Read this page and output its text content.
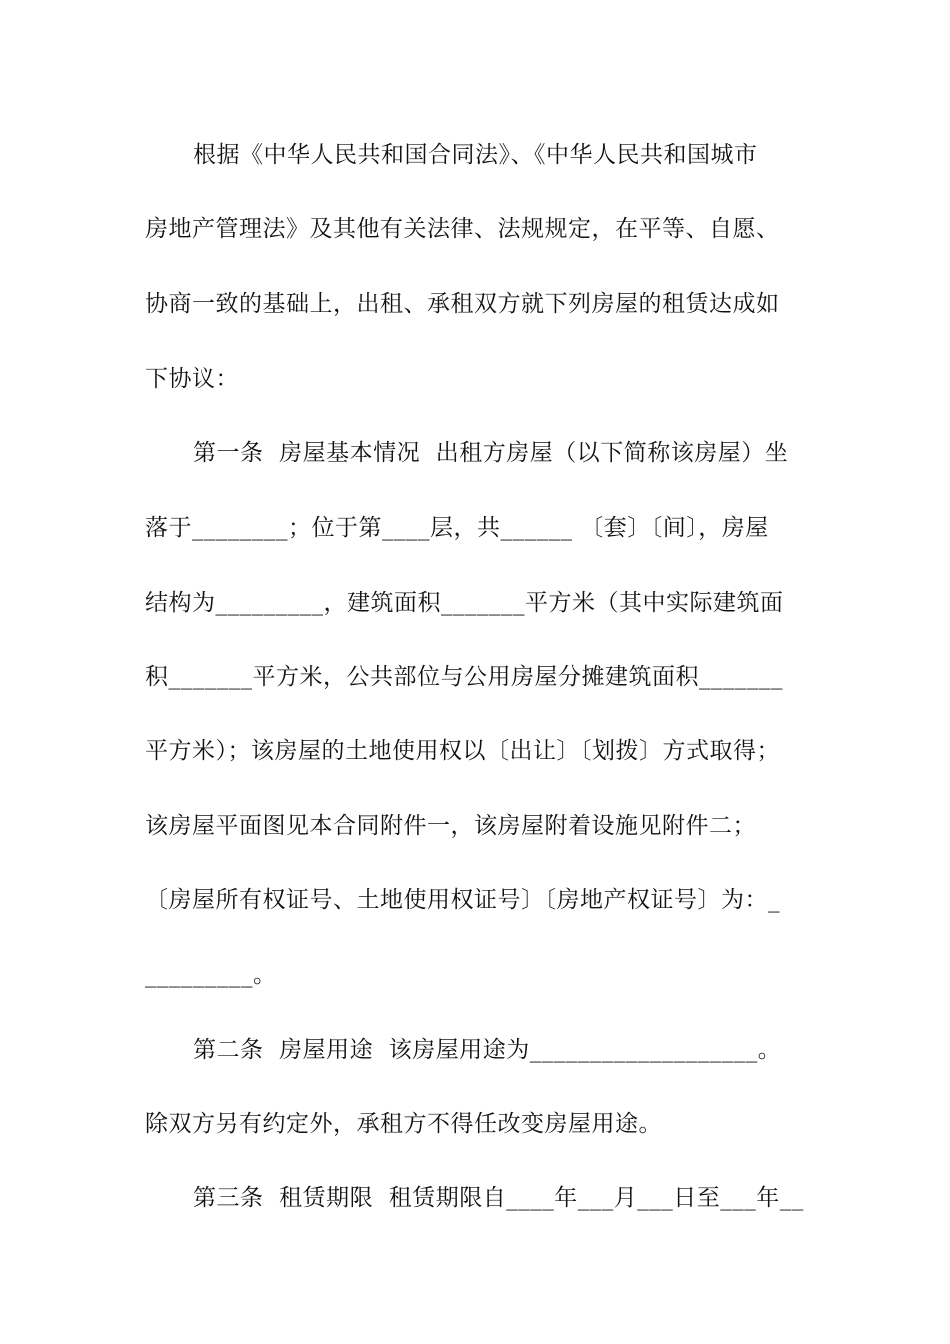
根据《中华人民共和国合同法》、《中华人民共和国城市

房地产管理法》及其他有关法律、法规规定，在平等、自愿、

协商一致的基础上，出租、承租双方就下列房屋的租赁达成如

下协议：

第一条  房屋基本情况  出租方房屋（以下简称该房屋）坐

落于________；位于第____层，共______ 〔套〕〔间〕，房屋

结构为_________，建筑面积_______平方米（其中实际建筑面

积_______平方米，公共部位与公用房屋分摊建筑面积_______

平方米）；该房屋的土地使用权以〔出让〕〔划拨〕方式取得；

该房屋平面图见本合同附件一，该房屋附着设施见附件二；

〔房屋所有权证号、土地使用权证号〕〔房地产权证号〕为：_

_________。

第二条  房屋用途  该房屋用途为___________________。

除双方另有约定外，承租方不得任改变房屋用途。

第三条  租赁期限  租赁期限自____年___月___日至___年__
